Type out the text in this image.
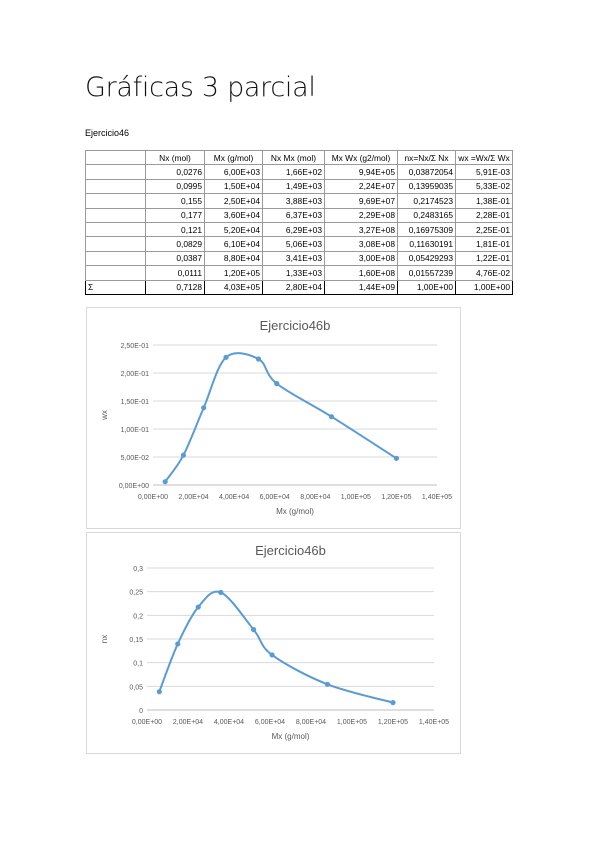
Gráficas 3 parcial
Ejercicio46
	Nx (mol)	Mx (g/mol)	Nx Mx (mol)	Mx Wx (g2/mol)	nx=Nx/Σ Nx	wx =Wx/Σ Wx
	0,0276	6,00E+03	1,66E+02	9,94E+05	0,03872054	5,91E-03
	0,0995	1,50E+04	1,49E+03	2,24E+07	0,13959035	5,33E-02
	0,155	2,50E+04	3,88E+03	9,69E+07	0,2174523	1,38E-01
	0,177	3,60E+04	6,37E+03	2,29E+08	0,2483165	2,28E-01
	0,121	5,20E+04	6,29E+03	3,27E+08	0,16975309	2,25E-01
	0,0829	6,10E+04	5,06E+03	3,08E+08	0,11630191	1,81E-01
	0,0387	8,80E+04	3,41E+03	3,00E+08	0,05429293	1,22E-01
	0,0111	1,20E+05	1,33E+03	1,60E+08	0,01557239	4,76E-02
Σ	0,7128	4,03E+05	2,80E+04	1,44E+09	1,00E+00	1,00E+00
Ejercicio46b
0,00E+00
5,00E-02
1,00E-01
1,50E-01
2,00E-01
2,50E-01
0,00E+00 2,00E+04 4,00E+04 6,00E+04 8,00E+04 1,00E+05 1,20E+05 1,40E+05
Mx (g/mol)
wx
Ejercicio46b
0
0,05
0,1
0,15
0,2
0,25
0,3
0,00E+00 2,00E+04 4,00E+04 6,00E+04 8,00E+04 1,00E+05 1,20E+05 1,40E+05
Mx (g/mol)
nx
